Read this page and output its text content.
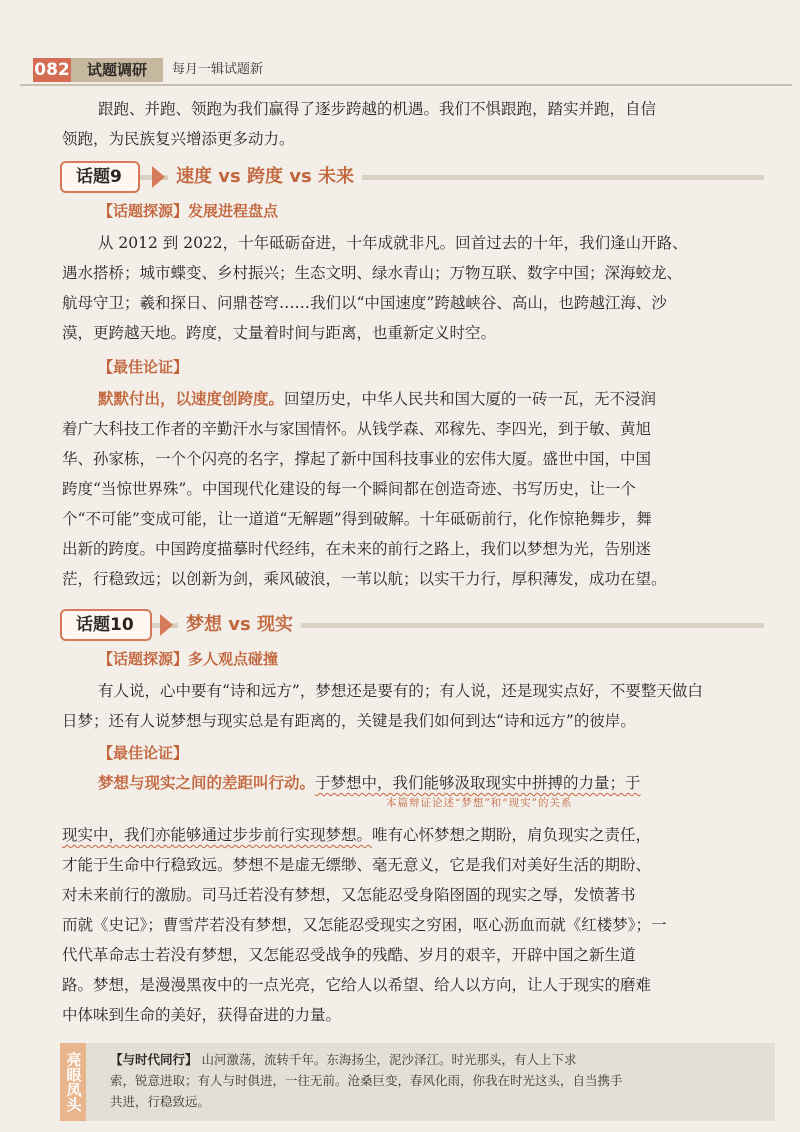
082	试题调研	每月一辑试题新
跟跑、并跑、领跑为我们赢得了逐步跨越的机遇。我们不惧跟跑，踏实并跑，自信
领跑，为民族复兴增添更多动力。
话题9	速度 vs 跨度 vs 未来
【话题探源】发展进程盘点
从 2012 到 2022，十年砥砺奋进，十年成就非凡。回首过去的十年，我们逢山开路、
遇水搭桥；城市蝶变、乡村振兴；生态文明、绿水青山；万物互联、数字中国；深海蛟龙、
航母守卫；羲和探日、问鼎苍穹……我们以“中国速度”跨越峡谷、高山，也跨越江海、沙
漠，更跨越天地。跨度，丈量着时间与距离，也重新定义时空。
【最佳论证】
默默付出，以速度创跨度。回望历史，中华人民共和国大厦的一砖一瓦，无不浸润
着广大科技工作者的辛勤汗水与家国情怀。从钱学森、邓稼先、李四光，到于敏、黄旭
华、孙家栋，一个个闪亮的名字，撑起了新中国科技事业的宏伟大厦。盛世中国，中国
跨度“当惊世界殊”。中国现代化建设的每一个瞬间都在创造奇迹、书写历史，让一个
个“不可能”变成可能，让一道道“无解题”得到破解。十年砥砺前行，化作惊艳舞步，舞
出新的跨度。中国跨度描摹时代经纬，在未来的前行之路上，我们以梦想为光，告别迷
茫，行稳致远；以创新为剑，乘风破浪，一苇以航；以实干力行，厚积薄发，成功在望。
话题10	梦想 vs 现实
【话题探源】多人观点碰撞
有人说，心中要有“诗和远方”，梦想还是要有的；有人说，还是现实点好，不要整天做白
日梦；还有人说梦想与现实总是有距离的，关键是我们如何到达“诗和远方”的彼岸。
【最佳论证】
梦想与现实之间的差距叫行动。于梦想中，我们能够汲取现实中拼搏的力量；于
本篇辩证论述“梦想”和“现实”的关系
现实中，我们亦能够通过步步前行实现梦想。唯有心怀梦想之期盼，肩负现实之责任，
才能于生命中行稳致远。梦想不是虚无缥缈、毫无意义，它是我们对美好生活的期盼、
对未来前行的激励。司马迁若没有梦想，又怎能忍受身陷囹圄的现实之辱，发愤著书
而就《史记》；曹雪芹若没有梦想，又怎能忍受现实之穷困，呕心沥血而就《红楼梦》；一
代代革命志士若没有梦想，又怎能忍受战争的残酷、岁月的艰辛，开辟中国之新生道
路。梦想，是漫漫黑夜中的一点光亮，它给人以希望、给人以方向，让人于现实的磨难
中体味到生命的美好，获得奋进的力量。
亮眼凤头 【与时代同行】 山河激荡，流转千年。东海扬尘，泥沙泽江。时光那头，有人上下求
索，锐意进取；有人与时俱进，一往无前。沧桑巨变，春风化雨，你我在时光这头，自当携手
共进，行稳致远。
